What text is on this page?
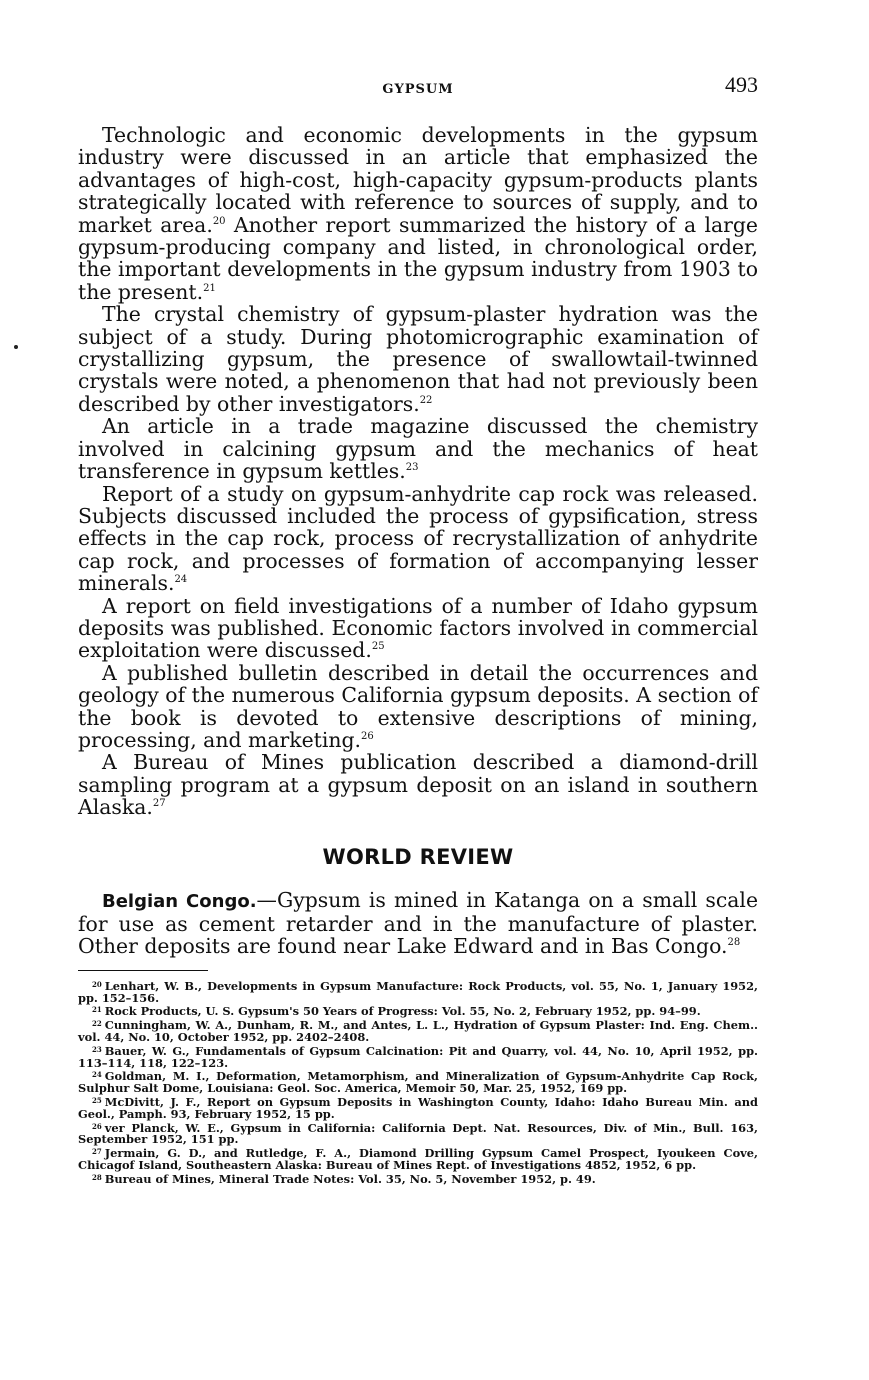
GYPSUM	493

Technologic and economic developments in the gypsum industry were discussed in an article that emphasized the advantages of high-cost, high-capacity gypsum-products plants strategically located with reference to sources of supply, and to market area.$^{20}$ Another report summarized the history of a large gypsum-producing company and listed, in chronological order, the important developments in the gypsum industry from 1903 to the present.$^{21}$

The crystal chemistry of gypsum-plaster hydration was the subject of a study. During photomicrographic examination of crystallizing gypsum, the presence of swallowtail-twinned crystals were noted, a phenomenon that had not previously been described by other investigators.$^{22}$

An article in a trade magazine discussed the chemistry involved in calcining gypsum and the mechanics of heat transference in gypsum kettles.$^{23}$

Report of a study on gypsum-anhydrite cap rock was released. Subjects discussed included the process of gypsification, stress effects in the cap rock, process of recrystallization of anhydrite cap rock, and processes of formation of accompanying lesser minerals.$^{24}$

A report on field investigations of a number of Idaho gypsum deposits was published. Economic factors involved in commercial exploitation were discussed.$^{25}$

A published bulletin described in detail the occurrences and geology of the numerous California gypsum deposits. A section of the book is devoted to extensive descriptions of mining, processing, and marketing.$^{26}$

A Bureau of Mines publication described a diamond-drill sampling program at a gypsum deposit on an island in southern Alaska.$^{27}$

WORLD REVIEW

Belgian Congo.—Gypsum is mined in Katanga on a small scale for use as cement retarder and in the manufacture of plaster. Other deposits are found near Lake Edward and in Bas Congo.$^{28}$

$^{20}$ Lenhart, W. B., Developments in Gypsum Manufacture: Rock Products, vol. 55, No. 1, January 1952, pp. 152–156.

$^{21}$ Rock Products, U. S. Gypsum's 50 Years of Progress: Vol. 55, No. 2, February 1952, pp. 94–99.

$^{22}$ Cunningham, W. A., Dunham, R. M., and Antes, L. L., Hydration of Gypsum Plaster: Ind. Eng. Chem.. vol. 44, No. 10, October 1952, pp. 2402–2408.

$^{23}$ Bauer, W. G., Fundamentals of Gypsum Calcination: Pit and Quarry, vol. 44, No. 10, April 1952, pp. 113–114, 118, 122–123.

$^{24}$ Goldman, M. I., Deformation, Metamorphism, and Mineralization of Gypsum-Anhydrite Cap Rock, Sulphur Salt Dome, Louisiana: Geol. Soc. America, Memoir 50, Mar. 25, 1952, 169 pp.

$^{25}$ McDivitt, J. F., Report on Gypsum Deposits in Washington County, Idaho: Idaho Bureau Min. and Geol., Pamph. 93, February 1952, 15 pp.

$^{26}$ ver Planck, W. E., Gypsum in California: California Dept. Nat. Resources, Div. of Min., Bull. 163, September 1952, 151 pp.

$^{27}$ Jermain, G. D., and Rutledge, F. A., Diamond Drilling Gypsum Camel Prospect, Iyoukeen Cove, Chicagof Island, Southeastern Alaska: Bureau of Mines Rept. of Investigations 4852, 1952, 6 pp.

$^{28}$ Bureau of Mines, Mineral Trade Notes: Vol. 35, No. 5, November 1952, p. 49.
